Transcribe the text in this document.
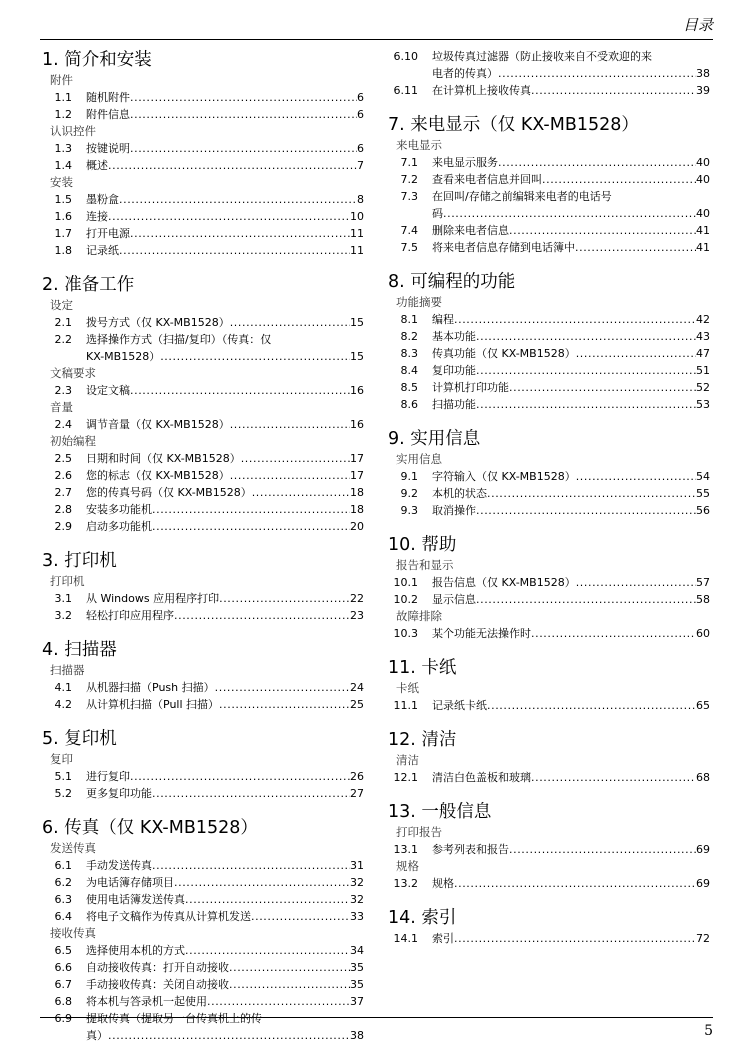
目录
1. 简介和安装
附件
1.1 随机附件 .....	6
1.2 附件信息 .....	6
认识控件
1.3 按键说明 .....	6
1.4 概述 .....	7
安装
1.5 墨粉盒 .....	8
1.6 连接 .....	10
1.7 打开电源 .....	11
1.8 记录纸 .....	11
2. 准备工作
设定
2.1 拨号方式（仅 KX-MB1528） .....	15
2.2 选择操作方式（扫描/复印）（传真：仅
KX-MB1528） .....	15
文稿要求
2.3 设定文稿 .....	16
音量
2.4 调节音量（仅 KX-MB1528） .....	16
初始编程
2.5 日期和时间（仅 KX-MB1528） .....	17
2.6 您的标志（仅 KX-MB1528） .....	17
2.7 您的传真号码（仅 KX-MB1528） .....	18
2.8 安装多功能机 .....	18
2.9 启动多功能机 .....	20
3. 打印机
打印机
3.1 从 Windows 应用程序打印 .....	22
3.2 轻松打印应用程序 .....	23
4. 扫描器
扫描器
4.1 从机器扫描（Push 扫描） .....	24
4.2 从计算机扫描（Pull 扫描） .....	25
5. 复印机
复印
5.1 进行复印 .....	26
5.2 更多复印功能 .....	27
6. 传真（仅 KX-MB1528）
发送传真
6.1 手动发送传真 .....	31
6.2 为电话簿存储项目 .....	32
6.3 使用电话簿发送传真 .....	32
6.4 将电子文稿作为传真从计算机发送 .....	33
接收传真
6.5 选择使用本机的方式 .....	34
6.6 自动接收传真：打开自动接收 .....	35
6.7 手动接收传真：关闭自动接收 .....	35
6.8 将本机与答录机一起使用 .....	37
6.9 提取传真（提取另一台传真机上的传
真） .....	38
6.10 垃圾传真过滤器（防止接收来自不受欢迎的来
电者的传真） .....	38
6.11 在计算机上接收传真 .....	39
7. 来电显示（仅 KX-MB1528）
来电显示
7.1 来电显示服务 .....	40
7.2 查看来电者信息并回叫 .....	40
7.3 在回叫/存储之前编辑来电者的电话号
码 .....	40
7.4 删除来电者信息 .....	41
7.5 将来电者信息存储到电话簿中 .....	41
8. 可编程的功能
功能摘要
8.1 编程 .....	42
8.2 基本功能 .....	43
8.3 传真功能（仅 KX-MB1528） .....	47
8.4 复印功能 .....	51
8.5 计算机打印功能 .....	52
8.6 扫描功能 .....	53
9. 实用信息
实用信息
9.1 字符输入（仅 KX-MB1528） .....	54
9.2 本机的状态 .....	55
9.3 取消操作 .....	56
10. 帮助
报告和显示
10.1 报告信息（仅 KX-MB1528） .....	57
10.2 显示信息 .....	58
故障排除
10.3 某个功能无法操作时 .....	60
11. 卡纸
卡纸
11.1 记录纸卡纸 .....	65
12. 清洁
清洁
12.1 清洁白色盖板和玻璃 .....	68
13. 一般信息
打印报告
13.1 参考列表和报告 .....	69
规格
13.2 规格 .....	69
14. 索引
14.1 索引 .....	72
5
